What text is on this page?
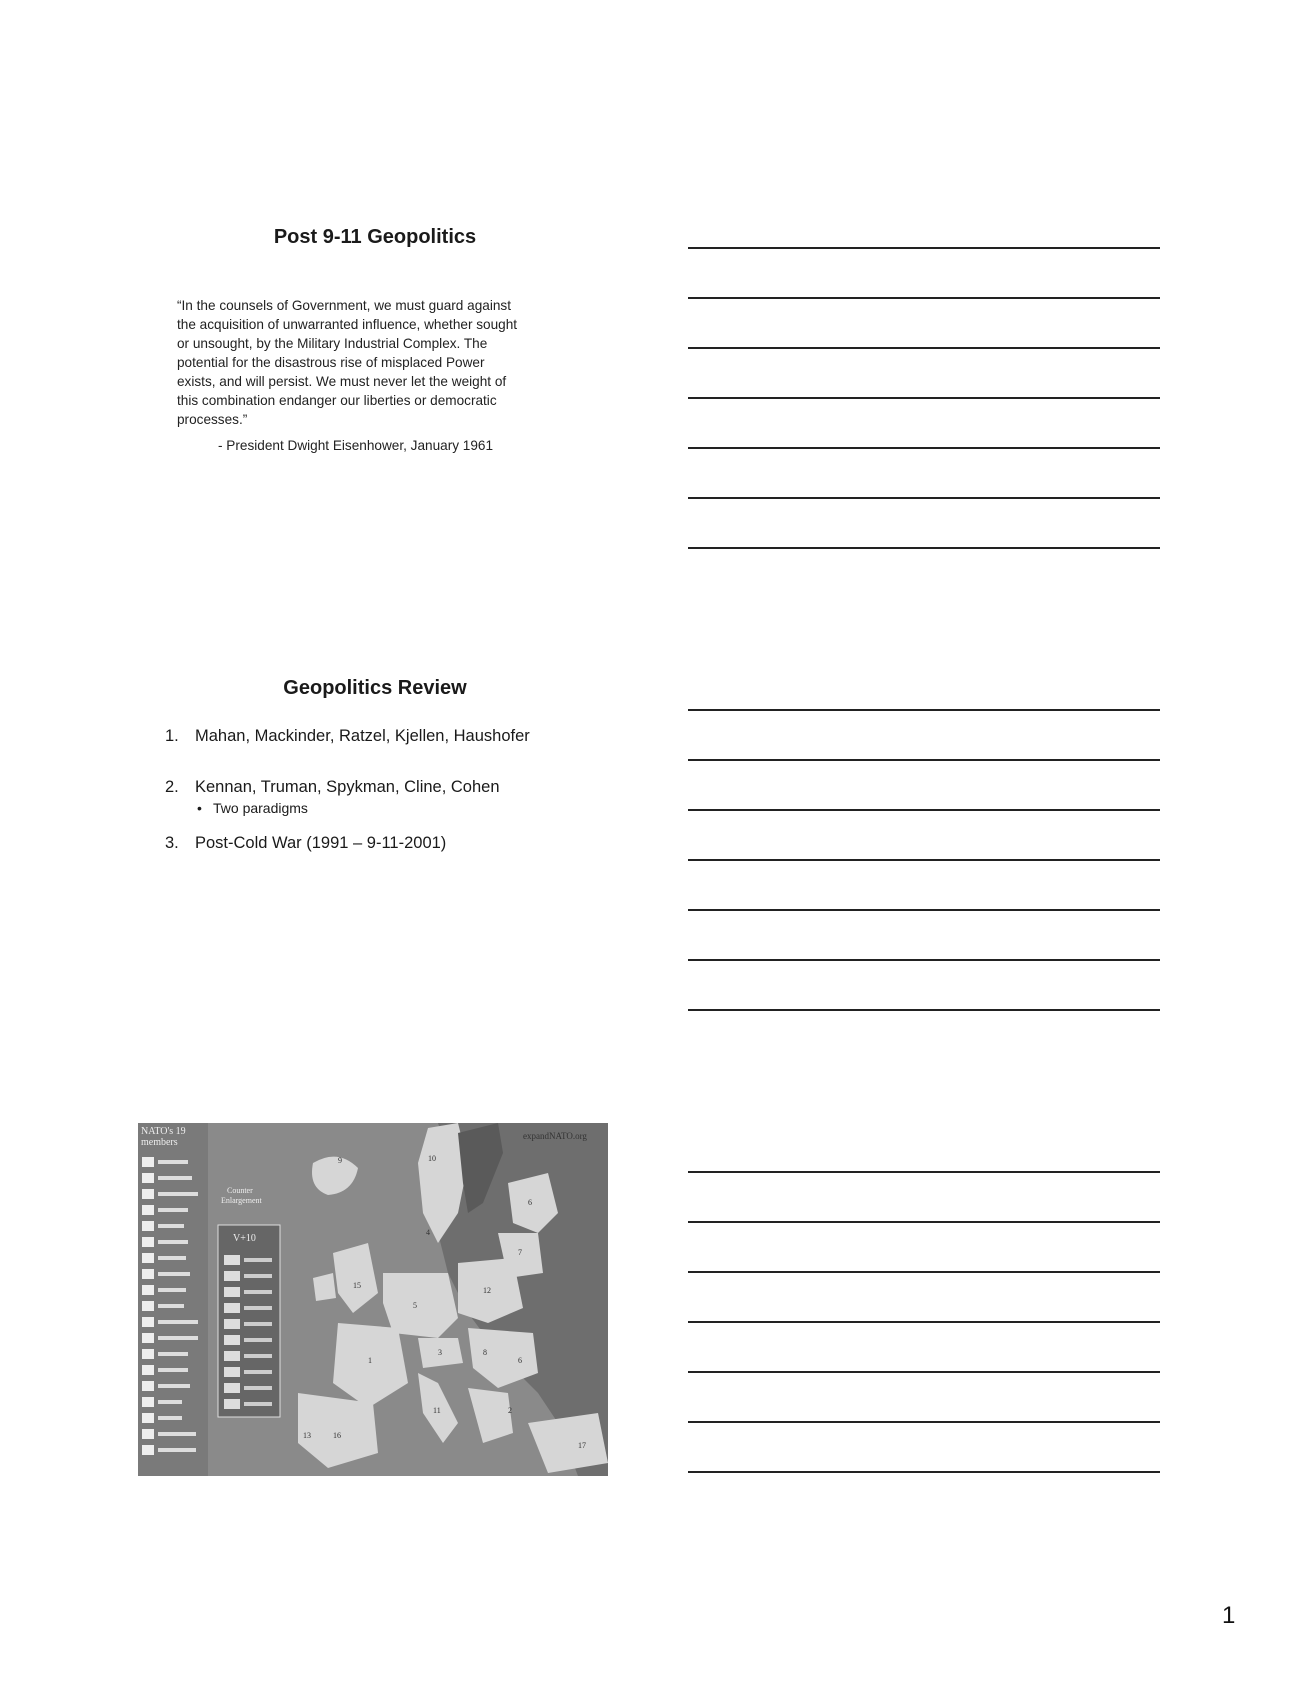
Post 9-11 Geopolitics

“In the counsels of Government, we must guard against

the acquisition of unwarranted influence, whether sought

or unsought, by the Military Industrial Complex. The

potential for the disastrous rise of misplaced Power

exists, and will persist. We must never let the weight of

this combination endanger our liberties or democratic

processes.”

- President Dwight Eisenhower, January 1961
Geopolitics Review
1. Mahan, Mackinder, Ratzel, Kjellen, Haushofer
2. Kennan, Truman, Spykman, Cline, Cohen
• Two paradigms
3. Post-Cold War (1991 – 9-11-2001)
NATO's 19
members
expandNATO.org
Counter
Enlargement
V+10
9	10
4
6
7
15
5
12
3	8
1	6
2
11
16
17
13
1
